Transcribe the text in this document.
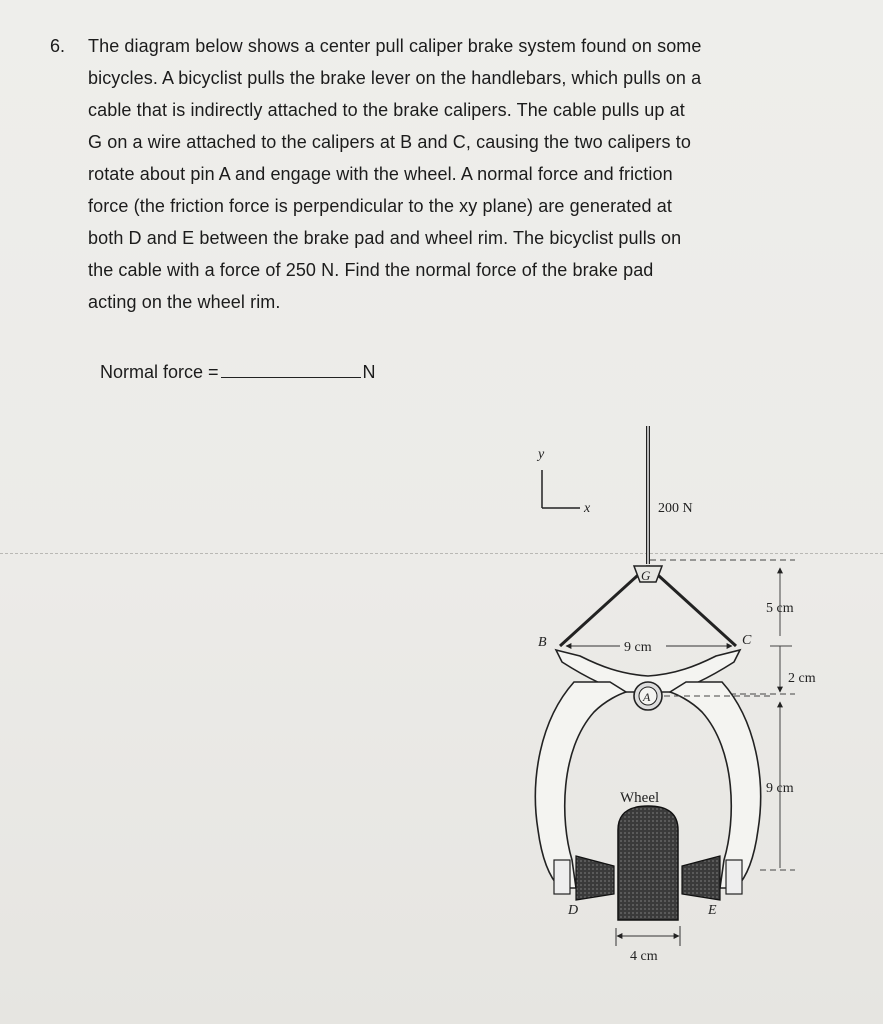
6. The diagram below shows a center pull caliper brake system found on some
bicycles. A bicyclist pulls the brake lever on the handlebars, which pulls on a
cable that is indirectly attached to the brake calipers. The cable pulls up at
G on a wire attached to the calipers at B and C, causing the two calipers to
rotate about pin A and engage with the wheel. A normal force and friction
force (the friction force is perpendicular to the xy plane) are generated at
both D and E between the brake pad and wheel rim. The bicyclist pulls on
the cable with a force of 250 N. Find the normal force of the brake pad
acting on the wheel rim.
Normal force =	N
y
x	200 N
5 cm
2 cm
9 cm
G
9 cm
B	C
A
Wheel
D	E
4 cm
